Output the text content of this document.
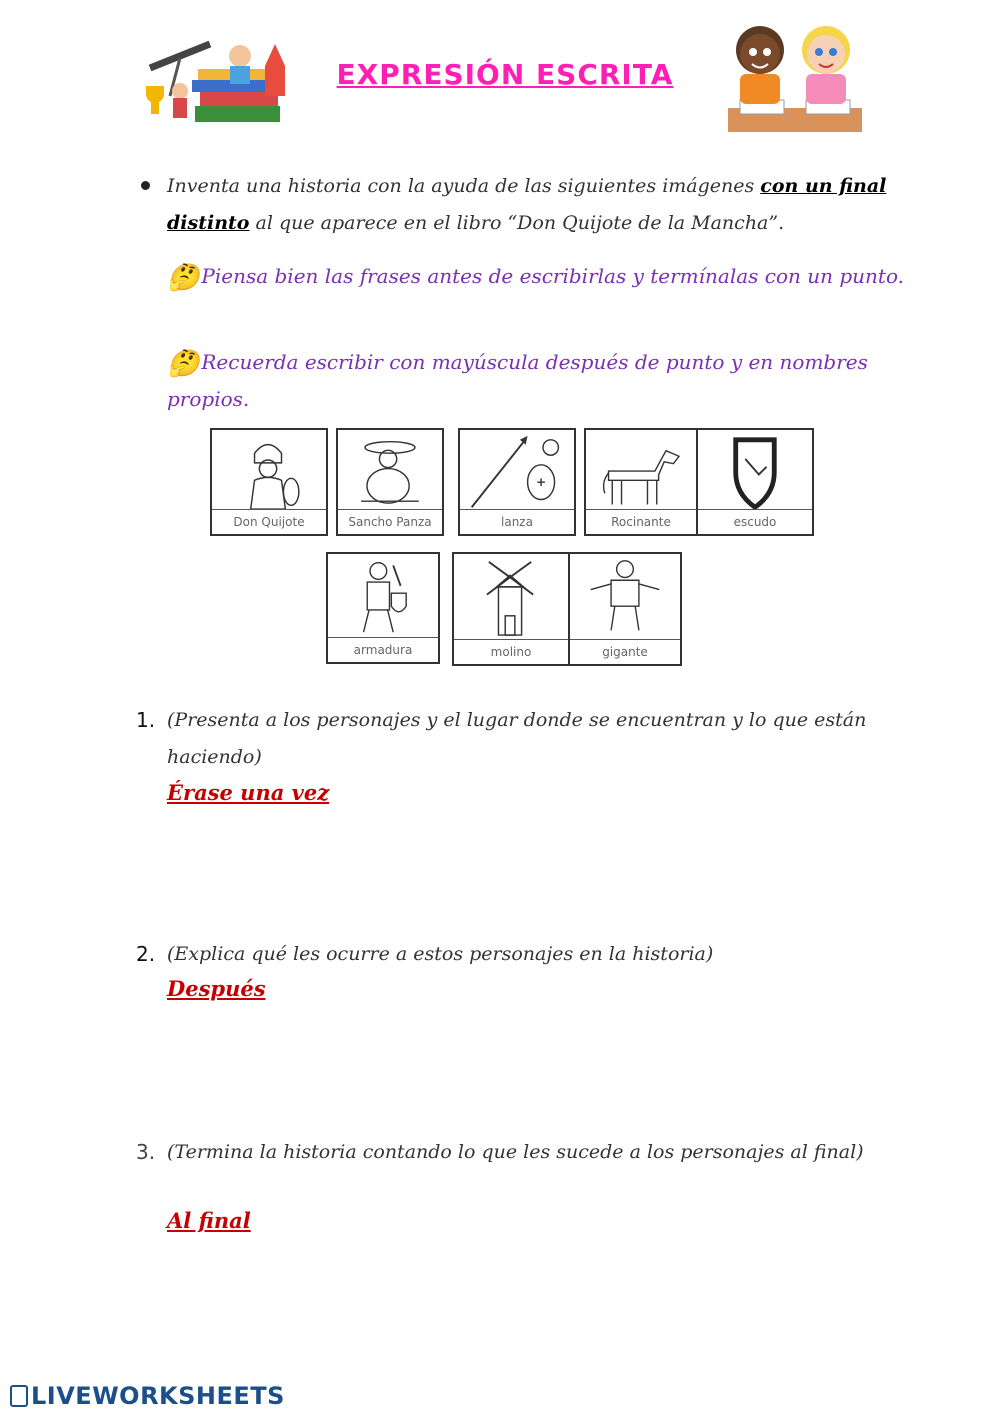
EXPRESIÓN ESCRITA
Inventa una historia con la ayuda de las siguientes imágenes con un final distinto al que aparece en el libro “Don Quijote de la Mancha”.
🤔 Piensa bien las frases antes de escribirlas y termínalas con un punto.
🤔 Recuerda escribir con mayúscula después de punto y en nombres propios.
Don Quijote	Sancho Panza	lanza	Rocinante	escudo
armadura	molino	gigante
1. (Presenta a los personajes y el lugar donde se encuentran y lo que están haciendo)
Érase una vez
2. (Explica qué les ocurre a estos personajes en la historia)
Después
3. (Termina la historia contando lo que les sucede a los personajes al final)
Al final
LIVEWORKSHEETS
